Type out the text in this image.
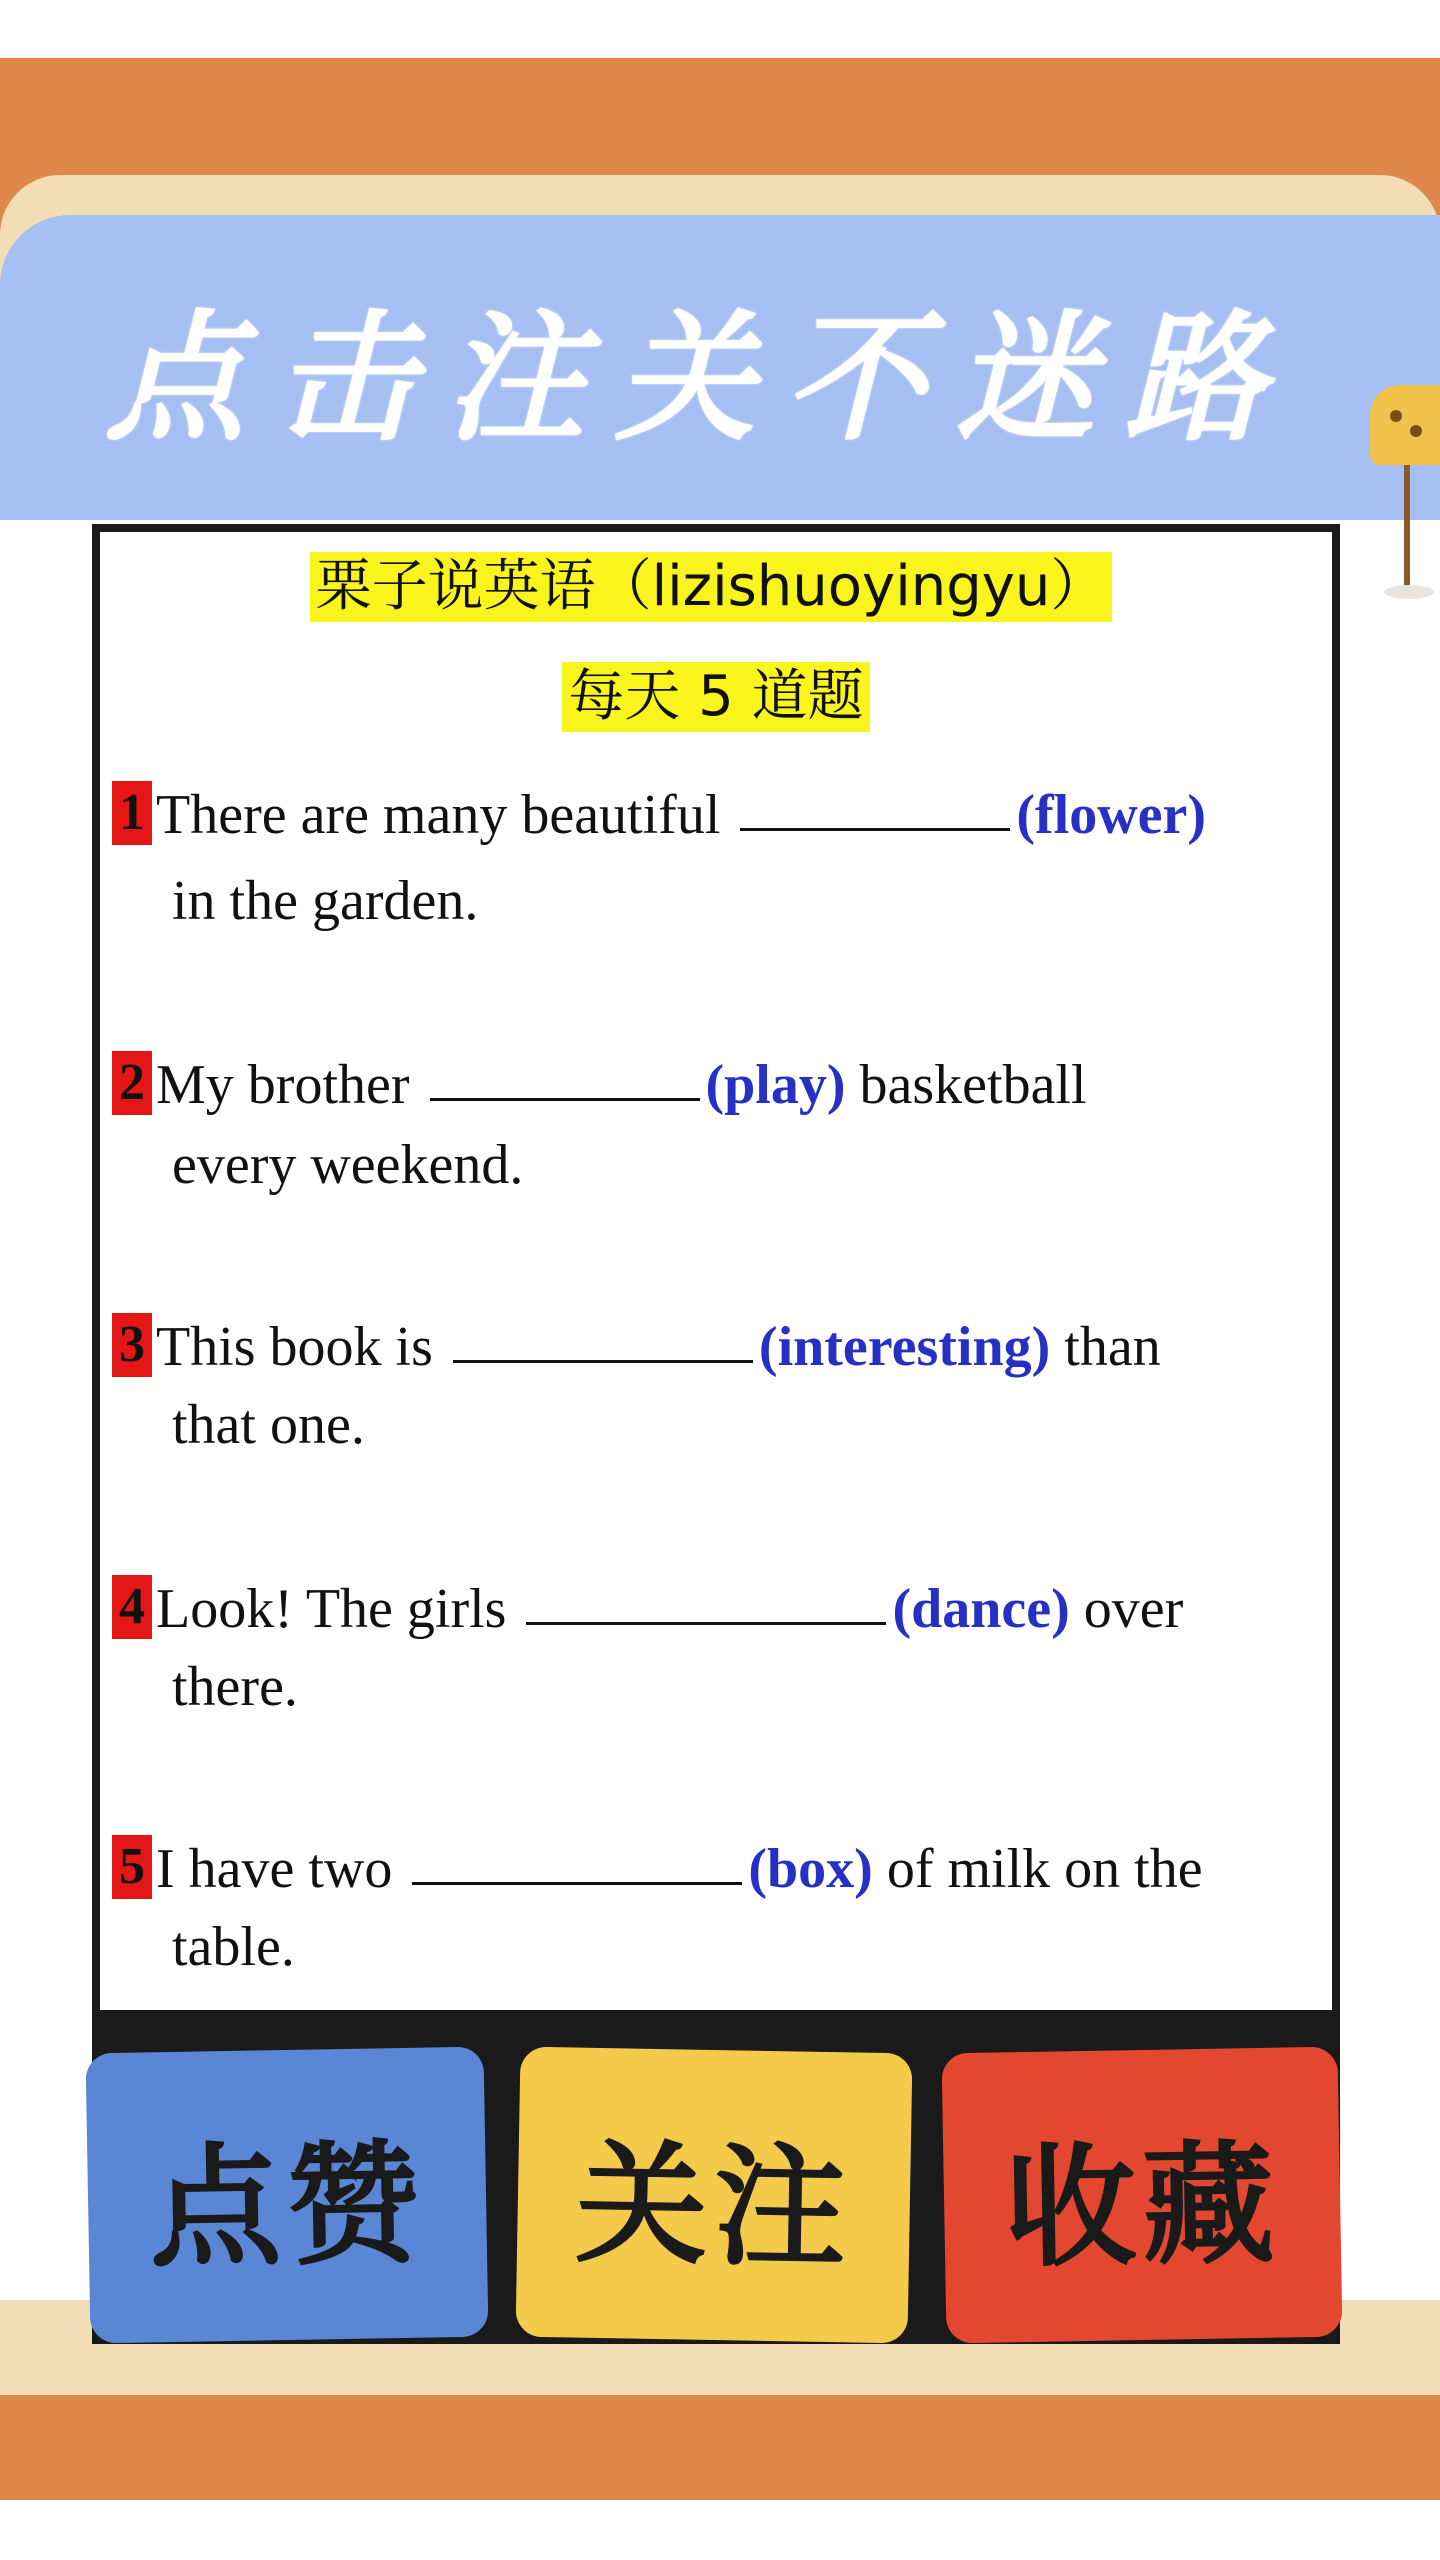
点击注关不迷路
栗子说英语（lizishuoyingyu）
每天 5 道题
1 There are many beautiful	(flower)
in the garden.
2 My brother	(play) basketball
every weekend.
3 This book is	(interesting) than
that one.
4 Look! The girls	(dance) over
there.
5 I have two	(box) of milk on the
table.
点赞	关注	收藏
